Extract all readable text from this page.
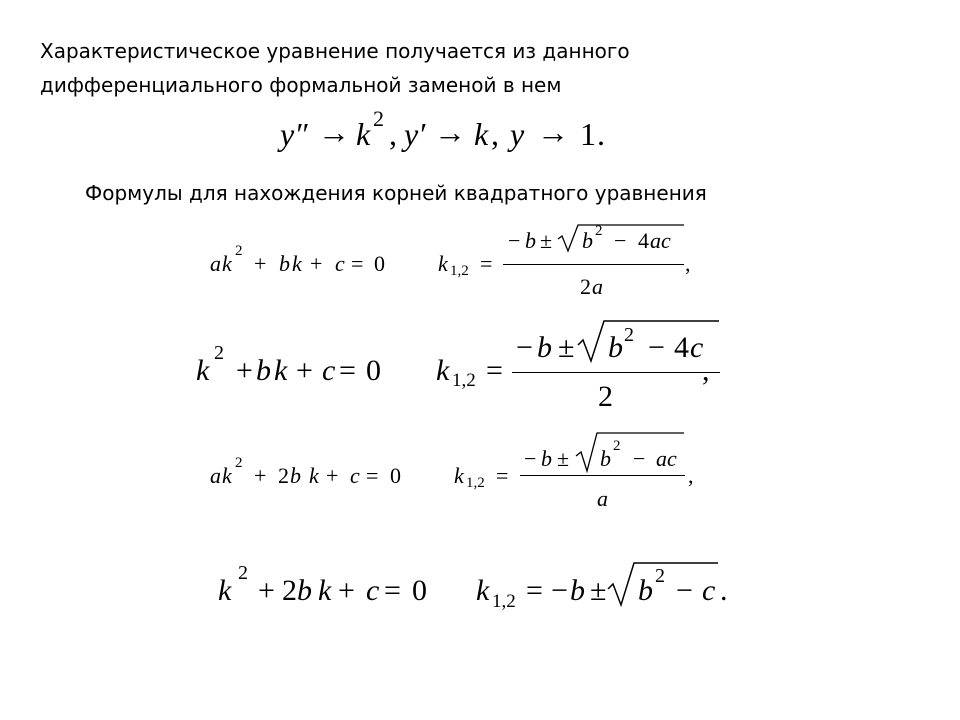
Характеристическое уравнение получается из данного
дифференциального формальной заменой в нем
y″ → k 2 , y′ → k , y → 1 .
Формулы для нахождения корней квадратного уравнения
a k 2 + b k + c = 0 k 1,2 =
− b ± b 2 − 4 ac
2 a
,
k
2
+ b k + c = 0 k 1,2 =
− b ± b 2 − 4 c
2
,
a k 2 + 2 b k + c = 0 k 1,2 =
− b ± b 2 − ac
a
,
k
2
+ 2 b k + c = 0 k 1,2 = − b ± b 2 − c .
